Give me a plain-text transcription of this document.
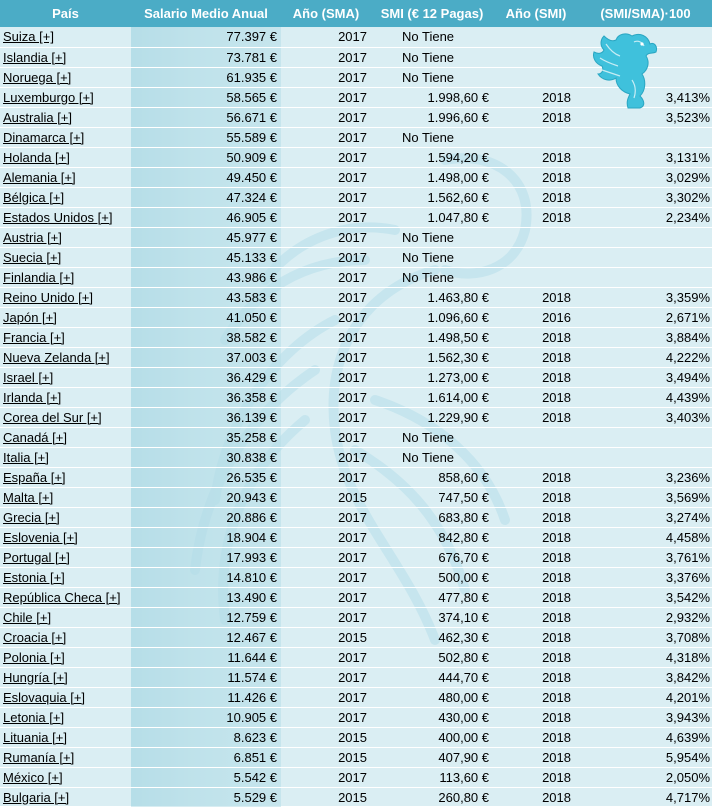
País	Salario Medio Anual	Año (SMA)	SMI (€ 12 Pagas)	Año (SMI)	(SMI/SMA)·100
Suiza [+]	77.397 €	2017	No Tiene		
Islandia [+]	73.781 €	2017	No Tiene		
Noruega [+]	61.935 €	2017	No Tiene		
Luxemburgo [+]	58.565 €	2017	1.998,60 €	2018	3,413%
Australia [+]	56.671 €	2017	1.996,60 €	2018	3,523%
Dinamarca [+]	55.589 €	2017	No Tiene		
Holanda [+]	50.909 €	2017	1.594,20 €	2018	3,131%
Alemania [+]	49.450 €	2017	1.498,00 €	2018	3,029%
Bélgica [+]	47.324 €	2017	1.562,60 €	2018	3,302%
Estados Unidos [+]	46.905 €	2017	1.047,80 €	2018	2,234%
Austria [+]	45.977 €	2017	No Tiene		
Suecia [+]	45.133 €	2017	No Tiene		
Finlandia [+]	43.986 €	2017	No Tiene		
Reino Unido [+]	43.583 €	2017	1.463,80 €	2018	3,359%
Japón [+]	41.050 €	2017	1.096,60 €	2016	2,671%
Francia [+]	38.582 €	2017	1.498,50 €	2018	3,884%
Nueva Zelanda [+]	37.003 €	2017	1.562,30 €	2018	4,222%
Israel [+]	36.429 €	2017	1.273,00 €	2018	3,494%
Irlanda [+]	36.358 €	2017	1.614,00 €	2018	4,439%
Corea del Sur [+]	36.139 €	2017	1.229,90 €	2018	3,403%
Canadá [+]	35.258 €	2017	No Tiene		
Italia [+]	30.838 €	2017	No Tiene		
España [+]	26.535 €	2017	858,60 €	2018	3,236%
Malta [+]	20.943 €	2015	747,50 €	2018	3,569%
Grecia [+]	20.886 €	2017	683,80 €	2018	3,274%
Eslovenia [+]	18.904 €	2017	842,80 €	2018	4,458%
Portugal [+]	17.993 €	2017	676,70 €	2018	3,761%
Estonia [+]	14.810 €	2017	500,00 €	2018	3,376%
República Checa [+]	13.490 €	2017	477,80 €	2018	3,542%
Chile [+]	12.759 €	2017	374,10 €	2018	2,932%
Croacia [+]	12.467 €	2015	462,30 €	2018	3,708%
Polonia [+]	11.644 €	2017	502,80 €	2018	4,318%
Hungría [+]	11.574 €	2017	444,70 €	2018	3,842%
Eslovaquia [+]	11.426 €	2017	480,00 €	2018	4,201%
Letonia [+]	10.905 €	2017	430,00 €	2018	3,943%
Lituania [+]	8.623 €	2015	400,00 €	2018	4,639%
Rumanía [+]	6.851 €	2015	407,90 €	2018	5,954%
México [+]	5.542 €	2017	113,60 €	2018	2,050%
Bulgaria [+]	5.529 €	2015	260,80 €	2018	4,717%
